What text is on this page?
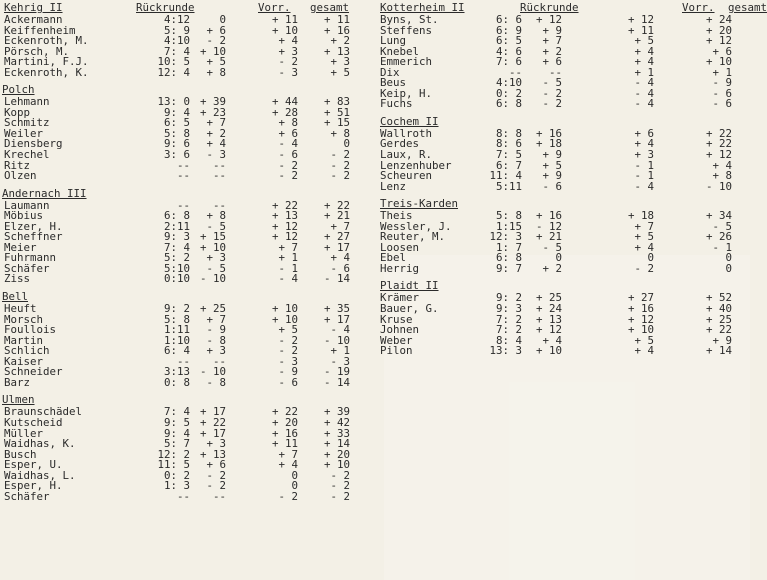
Kehrig II	Rückrunde	Vorr. gesamt
Ackermann	4:12	0	+ 11	+ 11
Keiffenheim	5: 9	+ 6	+ 10	+ 16
Eckenroth, M.	4:10	- 2	+ 4	+ 2
Pörsch, M.	7: 4 + 10	+ 3	+ 13
Martini, F.J.	10: 5	+ 5	- 2	+ 3
Eckenroth, K.	12: 4	+ 8	- 3	+ 5
Polch
Lehmann	13: 0 + 39	+ 44	+ 83
Kopp	9: 4 + 23	+ 28	+ 51
Schmitz	6: 5	+ 7	+ 8	+ 15
Weiler	5: 8	+ 2	+ 6	+ 8
Diensberg	9: 6	+ 4	- 4	0
Krechel	3: 6	- 3	- 6	- 2
Ritz	--	--	- 2	- 2
Olzen	--	--	- 2	- 2
Andernach III
Laumann	--	--	+ 22	+ 22
Möbius	6: 8	+ 8	+ 13	+ 21
Elzer, H.	2:11	- 5	+ 12	+ 7
Scheffner	9: 3 + 15	+ 12	+ 27
Meier	7: 4 + 10	+ 7	+ 17
Fuhrmann	5: 2	+ 3	+ 1	+ 4
Schäfer	5:10	- 5	- 1	- 6
Ziss	0:10 - 10	- 4	- 14
Bell
Heuft	9: 2 + 25	+ 10	+ 35
Morsch	5: 8	+ 7	+ 10	+ 17
Foullois	1:11	- 9	+ 5	- 4
Martin	1:10	- 8	- 2	- 10
Schlich	6: 4	+ 3	- 2	+ 1
Kaiser	--	--	- 3	- 3
Schneider	3:13 - 10	- 9	- 19
Barz	0: 8	- 8	- 6	- 14
Ulmen
Braunschädel	7: 4 + 17	+ 22	+ 39
Kutscheid	9: 5 + 22	+ 20	+ 42
Müller	9: 4 + 17	+ 16	+ 33
Waidhas, K.	5: 7	+ 3	+ 11	+ 14
Busch	12: 2 + 13	+ 7	+ 20
Esper, U.	11: 5	+ 6	+ 4	+ 10
Waidhas, L.	0: 2	- 2	0	- 2
Esper, H.	1: 3	- 2	0	- 2
Schäfer	--	--	- 2	- 2
Kotterheim II	Rückrunde	Vorr. gesamt
Byns, St.	6: 6	+ 12	+ 12	+ 24
Steffens	6: 9	+ 9	+ 11	+ 20
Lung	6: 5	+ 7	+ 5	+ 12
Knebel	4: 6	+ 2	+ 4	+ 6
Emmerich	7: 6	+ 6	+ 4	+ 10
Dix	--	--	+ 1	+ 1
Beus	4:10	- 5	- 4	- 9
Keip, H.	0: 2	- 2	- 4	- 6
Fuchs	6: 8	- 2	- 4	- 6
Cochem II
Wallroth	8: 8	+ 16	+ 6	+ 22
Gerdes	8: 6	+ 18	+ 4	+ 22
Laux, R.	7: 5	+ 9	+ 3	+ 12
Lenzenhuber	6: 7	+ 5	- 1	+ 4
Scheuren	11: 4	+ 9	- 1	+ 8
Lenz	5:11	- 6	- 4	- 10
Treis-Karden
Theis	5: 8	+ 16	+ 18	+ 34
Wessler, J.	1:15	- 12	+ 7	- 5
Reuter, M.	12: 3	+ 21	+ 5	+ 26
Loosen	1: 7	- 5	+ 4	- 1
Ebel	6: 8	0	0	0
Herrig	9: 7	+ 2	- 2	0
Plaidt II
Krämer	9: 2	+ 25	+ 27	+ 52
Bauer, G.	9: 3	+ 24	+ 16	+ 40
Kruse	7: 2	+ 13	+ 12	+ 25
Johnen	7: 2	+ 12	+ 10	+ 22
Weber	8: 4	+ 4	+ 5	+ 9
Pilon	13: 3	+ 10	+ 4	+ 14
